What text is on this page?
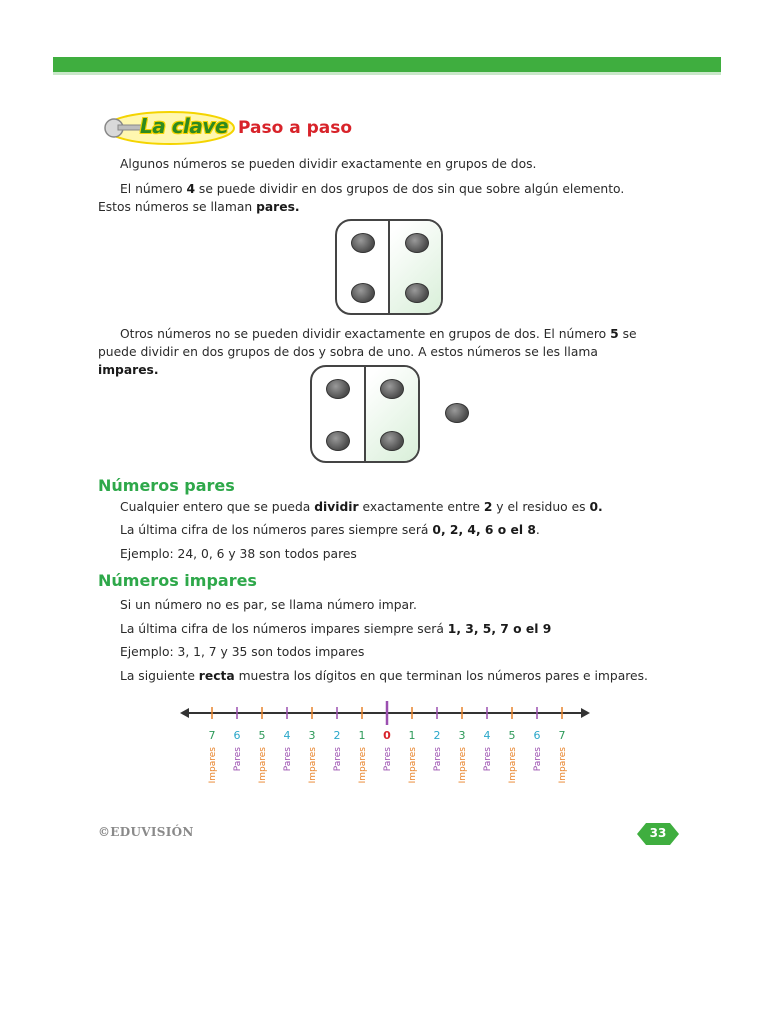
La clave Paso a paso

Algunos números se pueden dividir exactamente en grupos de dos.

El número 4 se puede dividir en dos grupos de dos sin que sobre algún elemento. Estos números se llaman pares.

Otros números no se pueden dividir exactamente en grupos de dos. El número 5 se puede dividir en dos grupos de dos y sobra de uno. A estos números se les llama impares.

Números pares

Cualquier entero que se pueda dividir exactamente entre 2 y el residuo es 0.

La última cifra de los números pares siempre será 0, 2, 4, 6 o el 8.

Ejemplo: 24, 0, 6 y 38 son todos pares

Números impares

Si un número no es par, se llama número impar.

La última cifra de los números impares siempre será 1, 3, 5, 7 o el 9

Ejemplo: 3, 1, 7 y 35 son todos impares

La siguiente recta muestra los dígitos en que terminan los números pares e impares.

7
Impares
6
Pares
5
Impares
4
Pares
3
Impares
2
Pares
1
Impares
0
Pares
1
Impares
2
Pares
3
Impares
4
Pares
5
Impares
6
Pares
7
Impares
©EDUVISIÓN	33
